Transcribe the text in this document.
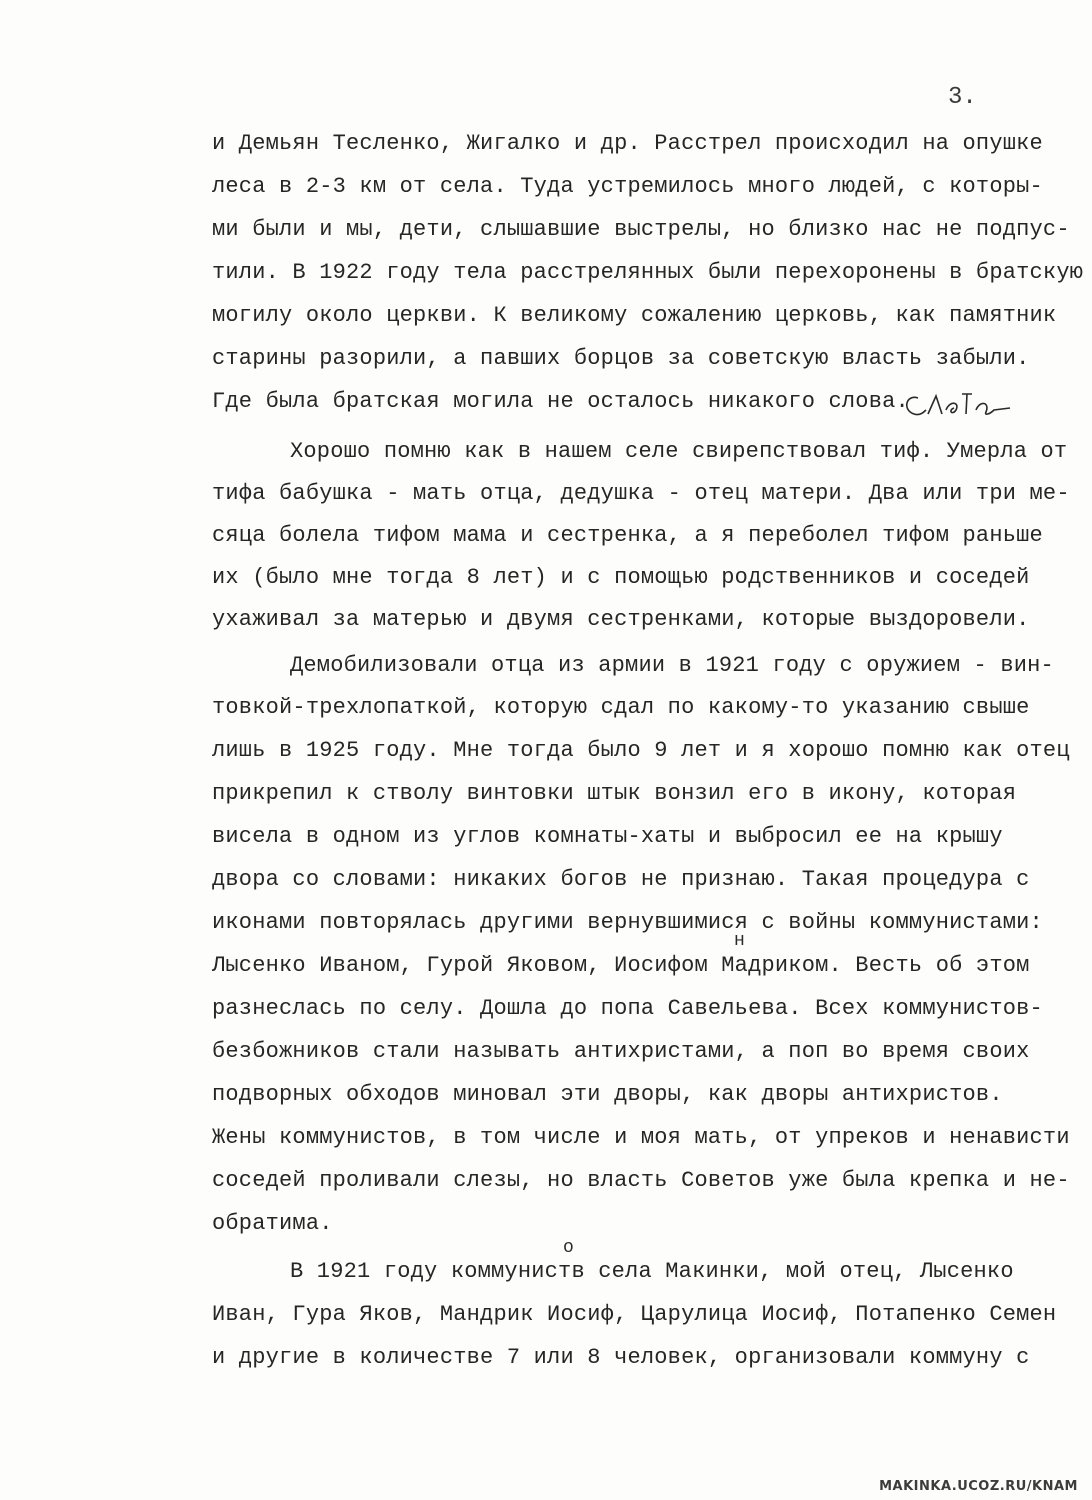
3.
и Демьян Тесленко, Жигалко и др. Расстрел происходил на опушке
леса в 2-3 км от села. Туда устремилось много людей, с которы-
ми были и мы, дети, слышавшие выстрелы, но близко нас не подпус-
тили. В 1922 году тела расстрелянных были перехоронены в братскую
могилу около церкви. К великому сожалению церковь, как памятник
старины разорили, а павших борцов за советскую власть забыли.
Где была братская могила не осталось никакого слова.
Хорошо помню как в нашем селе свирепствовал тиф. Умерла от
тифа бабушка - мать отца, дедушка - отец матери. Два или три ме-
сяца болела тифом мама и сестренка, а я переболел тифом раньше
их (было мне тогда 8 лет) и с помощью родственников и соседей
ухаживал за матерью и двумя сестренками, которые выздоровели.
Демобилизовали отца из армии в 1921 году с оружием - вин-
товкой-трехлопаткой, которую сдал по какому-то указанию свыше
лишь в 1925 году. Мне тогда было 9 лет и я хорошо помню как отец
прикрепил к стволу винтовки штык вонзил его в икону, которая
висела в одном из углов комнаты-хаты и выбросил ее на крышу
двора со словами: никаких богов не признаю. Такая процедура с
иконами повторялась другими вернувшимися с войны коммунистами:
н
Лысенко Иваном, Гурой Яковом, Иосифом Мадриком. Весть об этом
разнеслась по селу. Дошла до попа Савельева. Всех коммунистов-
безбожников стали называть антихристами, а поп во время своих
подворных обходов миновал эти дворы, как дворы антихристов.
Жены коммунистов, в том числе и моя мать, от упреков и ненависти
соседей проливали слезы, но власть Советов уже была крепка и не-
обратима.
о
В 1921 году коммуниств села Макинки, мой отец, Лысенко
Иван, Гура Яков, Мандрик Иосиф, Царулица Иосиф, Потапенко Семен
и другие в количестве 7 или 8 человек, организовали коммуну с
MAKINKA.UCOZ.RU/KNAM
